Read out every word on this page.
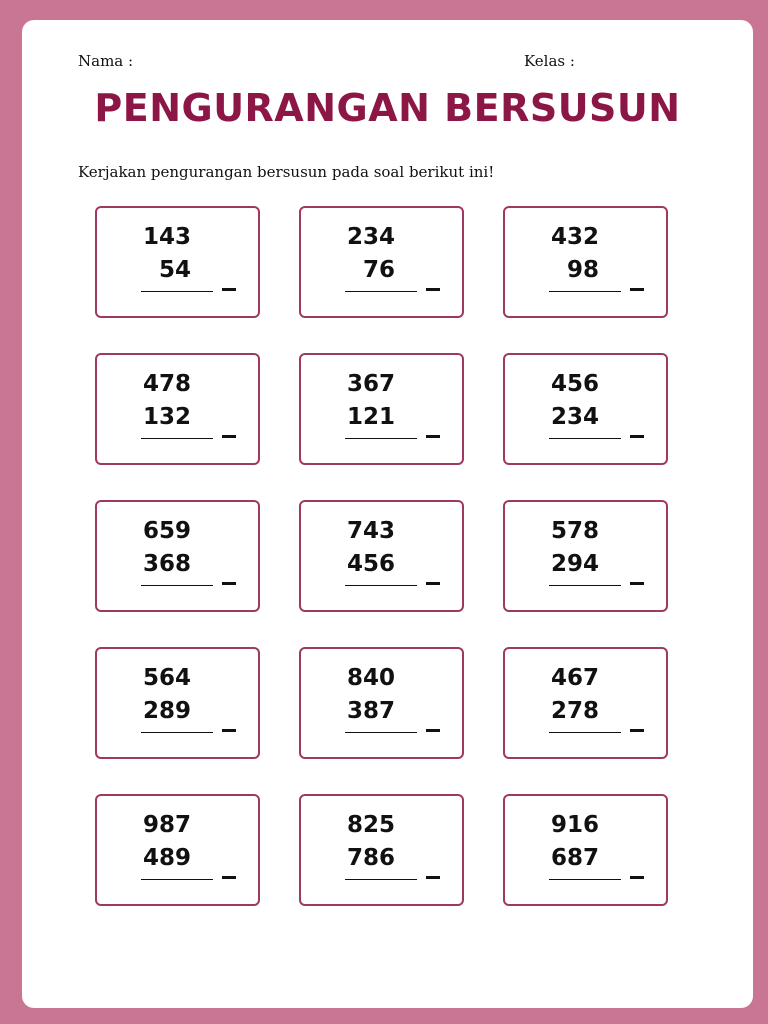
Nama :	Kelas :
PENGURANGAN BERSUSUN
Kerjakan pengurangan bersusun pada soal berikut ini!
143
54
234
76
432
98
478
132
367
121
456
234
659
368
743
456
578
294
564
289
840
387
467
278
987
489
825
786
916
687
